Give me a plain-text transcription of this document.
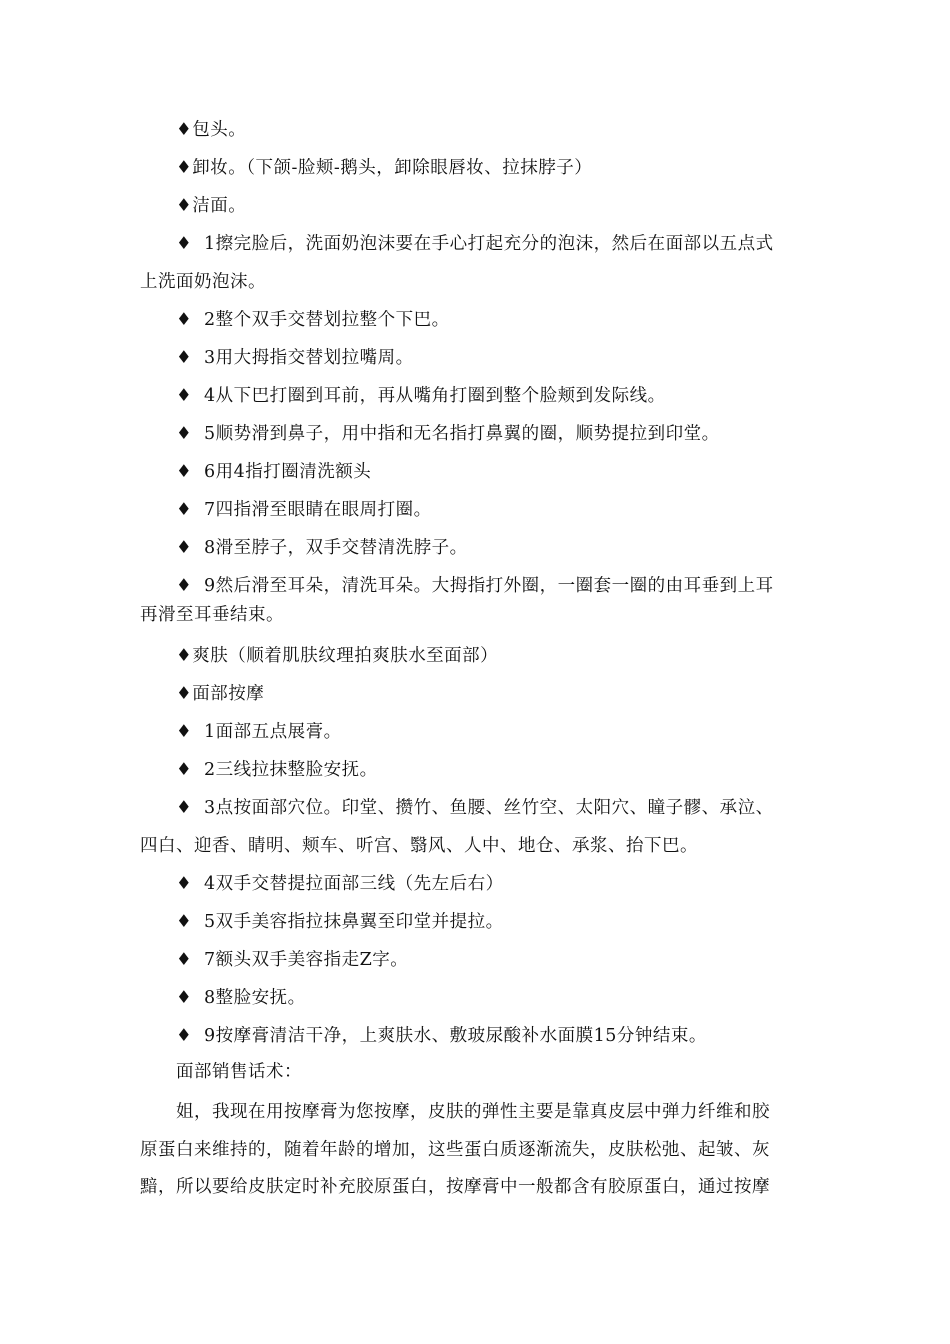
♦包头。
♦卸妆。（下颌-脸颊-鹅头，卸除眼唇妆、拉抹脖子）
♦洁面。
♦ 1擦完脸后，洗面奶泡沫要在手心打起充分的泡沫，然后在面部以五点式
上洗面奶泡沫。
♦ 2整个双手交替划拉整个下巴。
♦ 3用大拇指交替划拉嘴周。
♦ 4从下巴打圈到耳前，再从嘴角打圈到整个脸颊到发际线。
♦ 5顺势滑到鼻子，用中指和无名指打鼻翼的圈，顺势提拉到印堂。
♦ 6用4指打圈清洗额头
♦ 7四指滑至眼睛在眼周打圈。
♦ 8滑至脖子，双手交替清洗脖子。
♦ 9然后滑至耳朵，清洗耳朵。大拇指打外圈，一圈套一圈的由耳垂到上耳
再滑至耳垂结束。
♦爽肤（顺着肌肤纹理拍爽肤水至面部）
♦面部按摩
♦ 1面部五点展膏。
♦ 2三线拉抹整脸安抚。
♦ 3点按面部穴位。印堂、攒竹、鱼腰、丝竹空、太阳穴、瞳子髎、承泣、
四白、迎香、睛明、颊车、听宫、翳风、人中、地仓、承浆、抬下巴。
♦ 4双手交替提拉面部三线（先左后右）
♦ 5双手美容指拉抹鼻翼至印堂并提拉。
♦ 7额头双手美容指走Z字。
♦ 8整脸安抚。
♦ 9按摩膏清洁干净，上爽肤水、敷玻尿酸补水面膜15分钟结束。
面部销售话术：
姐，我现在用按摩膏为您按摩，皮肤的弹性主要是靠真皮层中弹力纤维和胶
原蛋白来维持的，随着年龄的增加，这些蛋白质逐渐流失，皮肤松弛、起皱、灰
黯，所以要给皮肤定时补充胶原蛋白，按摩膏中一般都含有胶原蛋白，通过按摩
